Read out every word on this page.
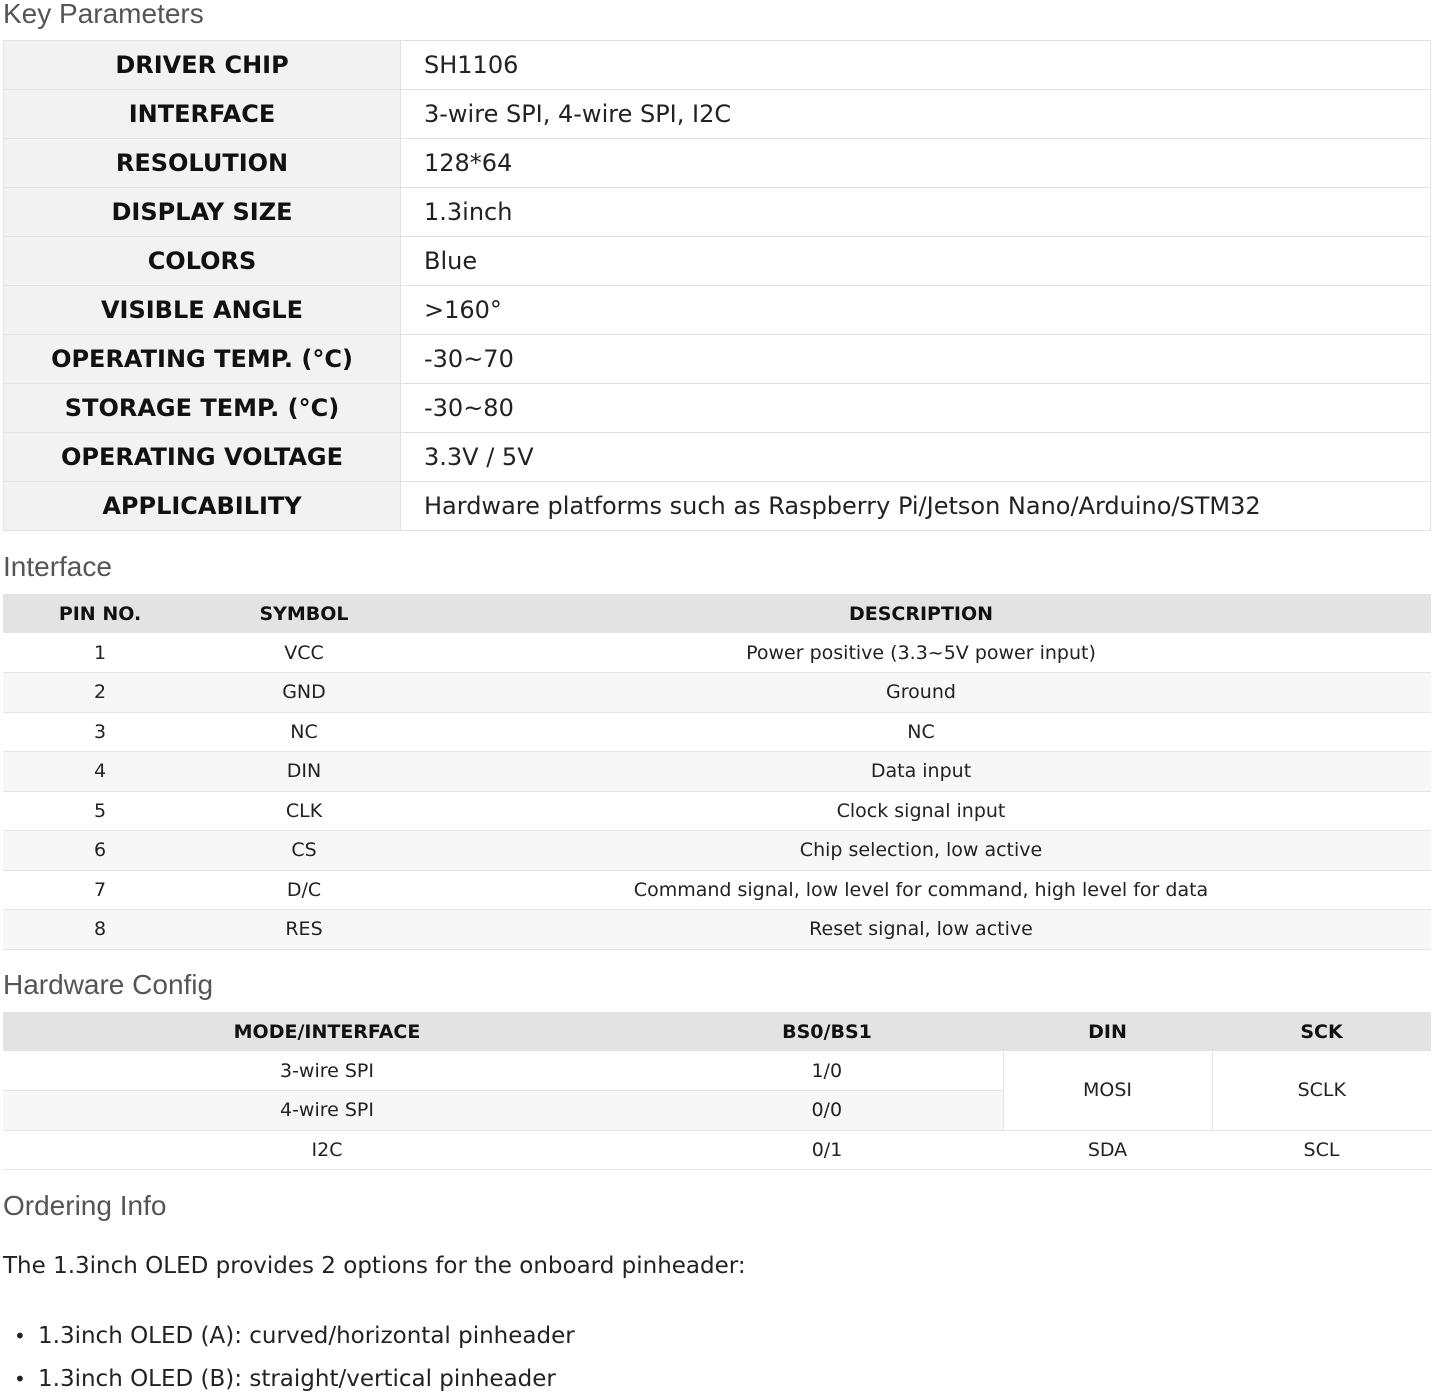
Key Parameters
DRIVER CHIP	SH1106
INTERFACE	3-wire SPI, 4-wire SPI, I2C
RESOLUTION	128*64
DISPLAY SIZE	1.3inch
COLORS	Blue
VISIBLE ANGLE	>160°
OPERATING TEMP. (°C)	-30~70
STORAGE TEMP. (°C)	-30~80
OPERATING VOLTAGE	3.3V / 5V
APPLICABILITY	Hardware platforms such as Raspberry Pi/Jetson Nano/Arduino/STM32
Interface
PIN NO.	SYMBOL	DESCRIPTION
1	VCC	Power positive (3.3~5V power input)
2	GND	Ground
3	NC	NC
4	DIN	Data input
5	CLK	Clock signal input
6	CS	Chip selection, low active
7	D/C	Command signal, low level for command, high level for data
8	RES	Reset signal, low active
Hardware Config
MODE/INTERFACE	BS0/BS1	DIN	SCK
3-wire SPI	1/0	MOSI	SCLK
4-wire SPI	0/0		
I2C	0/1	SDA	SCL
Ordering Info
The 1.3inch OLED provides 2 options for the onboard pinheader:
• 1.3inch OLED (A): curved/horizontal pinheader
• 1.3inch OLED (B): straight/vertical pinheader
